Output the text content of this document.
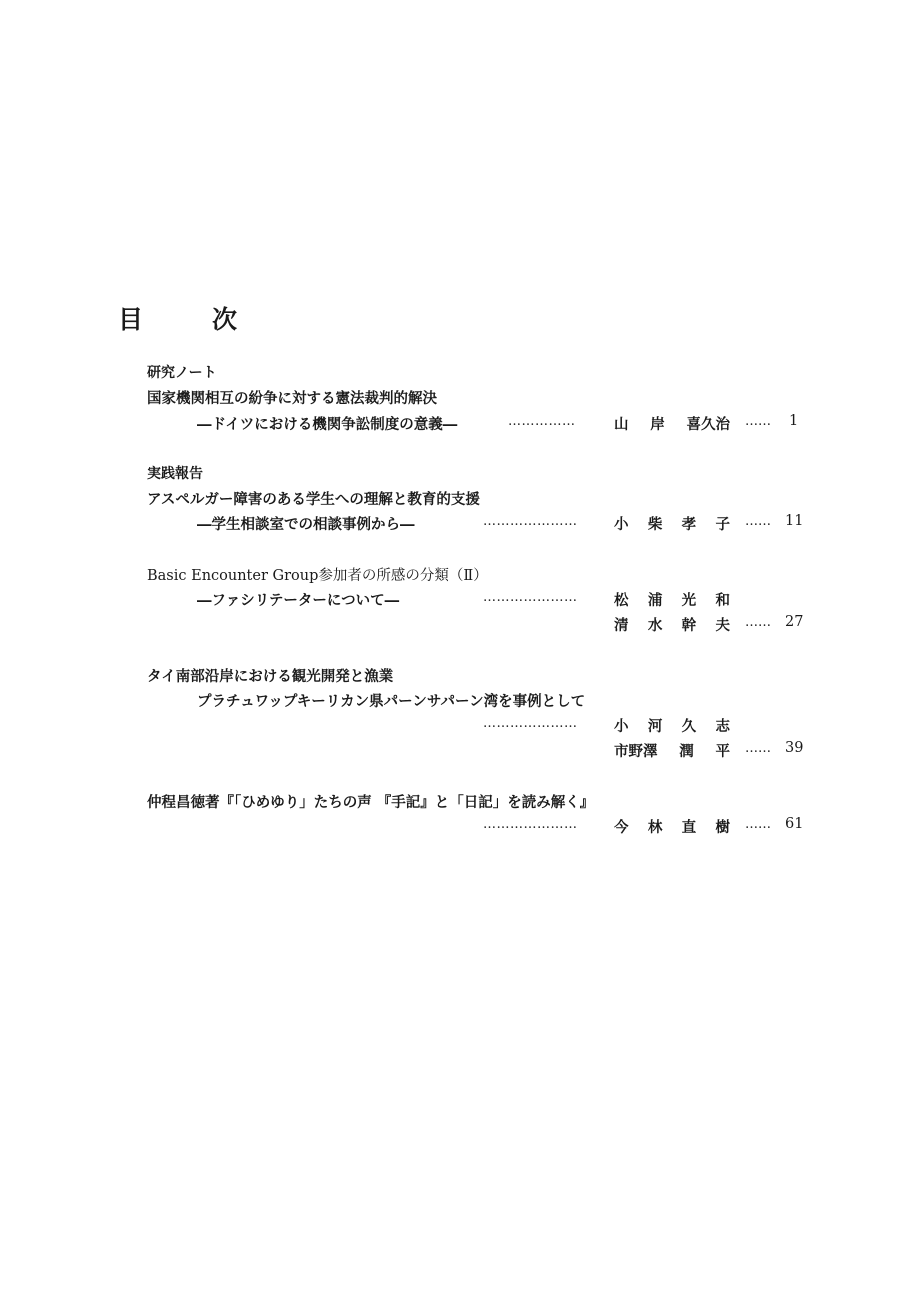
目　次
研究ノート
国家機関相互の紛争に対する憲法裁判的解決
―ドイツにおける機関争訟制度の意義―	……………	山 岸 喜久治 …… 1
実践報告
アスペルガー障害のある学生への理解と教育的支援
―学生相談室での相談事例から―	…………………	小 柴 孝 子 …… 11
Basic Encounter Group参加者の所感の分類（Ⅱ）
―ファシリテーターについて―	…………………	松 浦 光 和
清 水 幹 夫 …… 27
タイ南部沿岸における観光開発と漁業
プラチュワップキーリカン県パーンサパーン湾を事例として
…………………	小 河 久 志
市野澤 潤 平 …… 39
仲程昌徳著『「ひめゆり」たちの声 『手記』と「日記」を読み解く』
…………………	今 林 直 樹 …… 61
